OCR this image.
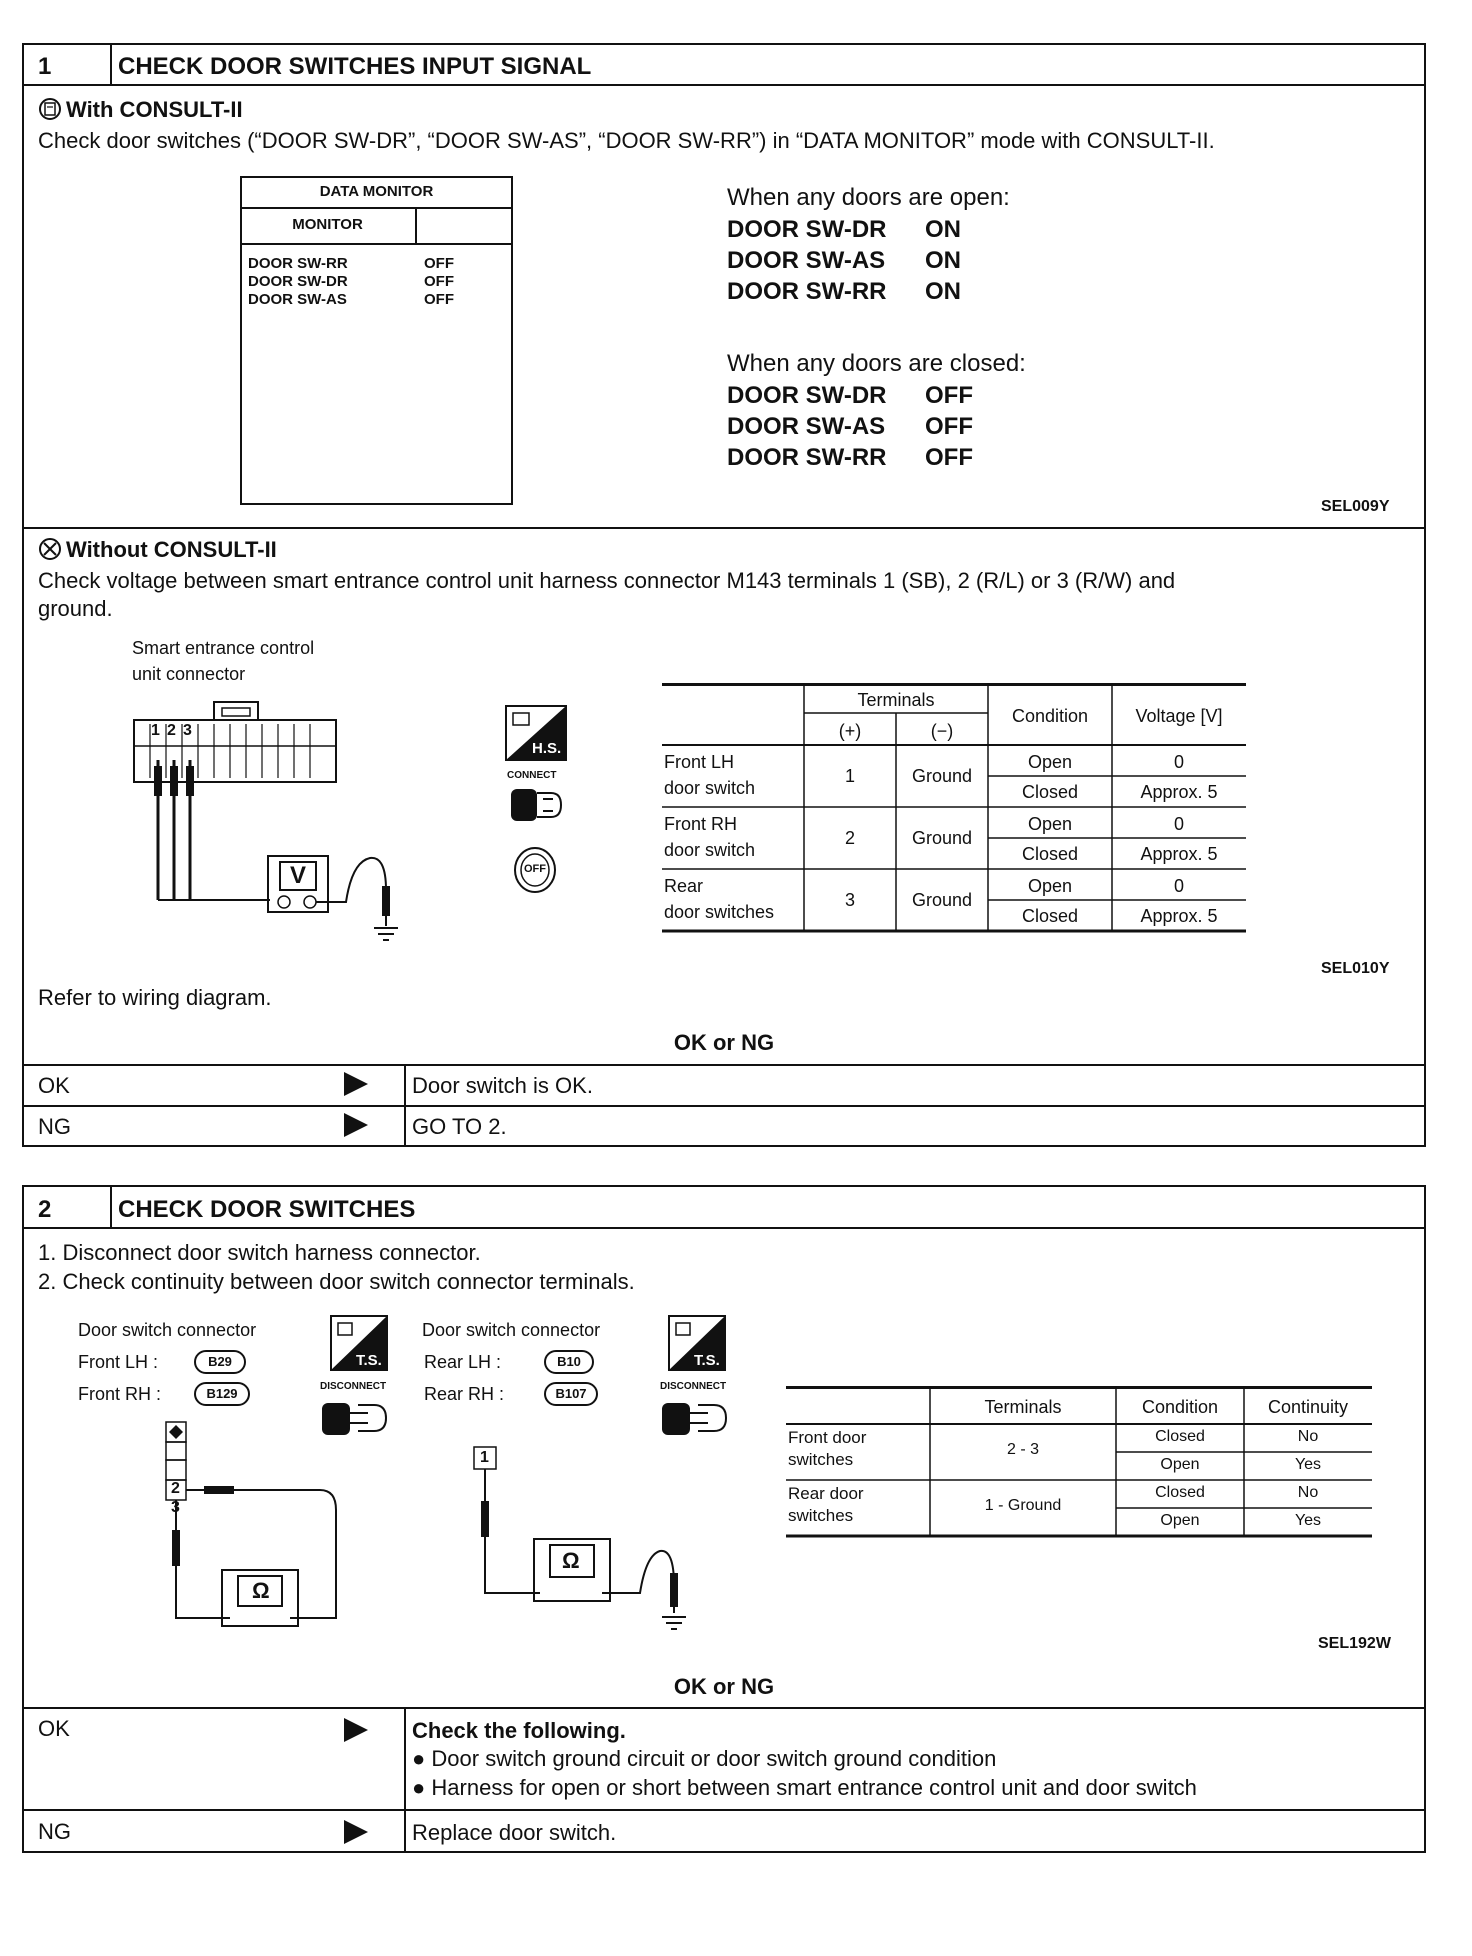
1	CHECK DOOR SWITCHES INPUT SIGNAL
With CONSULT-II
Check door switches (“DOOR SW-DR”, “DOOR SW-AS”, “DOOR SW-RR”) in “DATA MONITOR” mode with CONSULT-II.
DATA MONITOR
MONITOR
DOOR SW-RR	OFF
DOOR SW-DR	OFF
DOOR SW-AS	OFF
When any doors are open:
DOOR SW-DR ON
DOOR SW-AS ON
DOOR SW-RR ON
When any doors are closed:
DOOR SW-DR OFF
DOOR SW-AS OFF
DOOR SW-RR OFF
SEL009Y
Without CONSULT-II
Check voltage between smart entrance control unit harness connector M143 terminals 1 (SB), 2 (R/L) or 3 (R/W) and
ground.
Smart entrance control
unit connector
1 2 3
V
H.S.
CONNECT
OFF
Terminals
(+)	(−)
Condition	Voltage [V]
Front LH
door switch
1	Ground
Open	0
Closed	Approx. 5
Front RH
door switch
2	Ground
Open	0
Closed	Approx. 5
Rear
door switches
3	Ground
Open	0
Closed	Approx. 5
SEL010Y
Refer to wiring diagram.
OK or NG
OK	Door switch is OK.
NG	GO TO 2.
2	CHECK DOOR SWITCHES
1. Disconnect door switch harness connector.
2. Check continuity between door switch connector terminals.
Door switch connector
Front LH :	B29
Front RH :	B129
T.S.
DISCONNECT
2
3
Ω
Door switch connector
Rear LH :	B10
Rear RH :	B107
T.S.
DISCONNECT
1
Ω
Terminals	Condition	Continuity
Front door
switches
2 - 3
Closed	No
Open	Yes
Rear door
switches
1 - Ground
Closed	No
Open	Yes
SEL192W
OK or NG
OK	Check the following.
● Door switch ground circuit or door switch ground condition
● Harness for open or short between smart entrance control unit and door switch
NG	Replace door switch.
